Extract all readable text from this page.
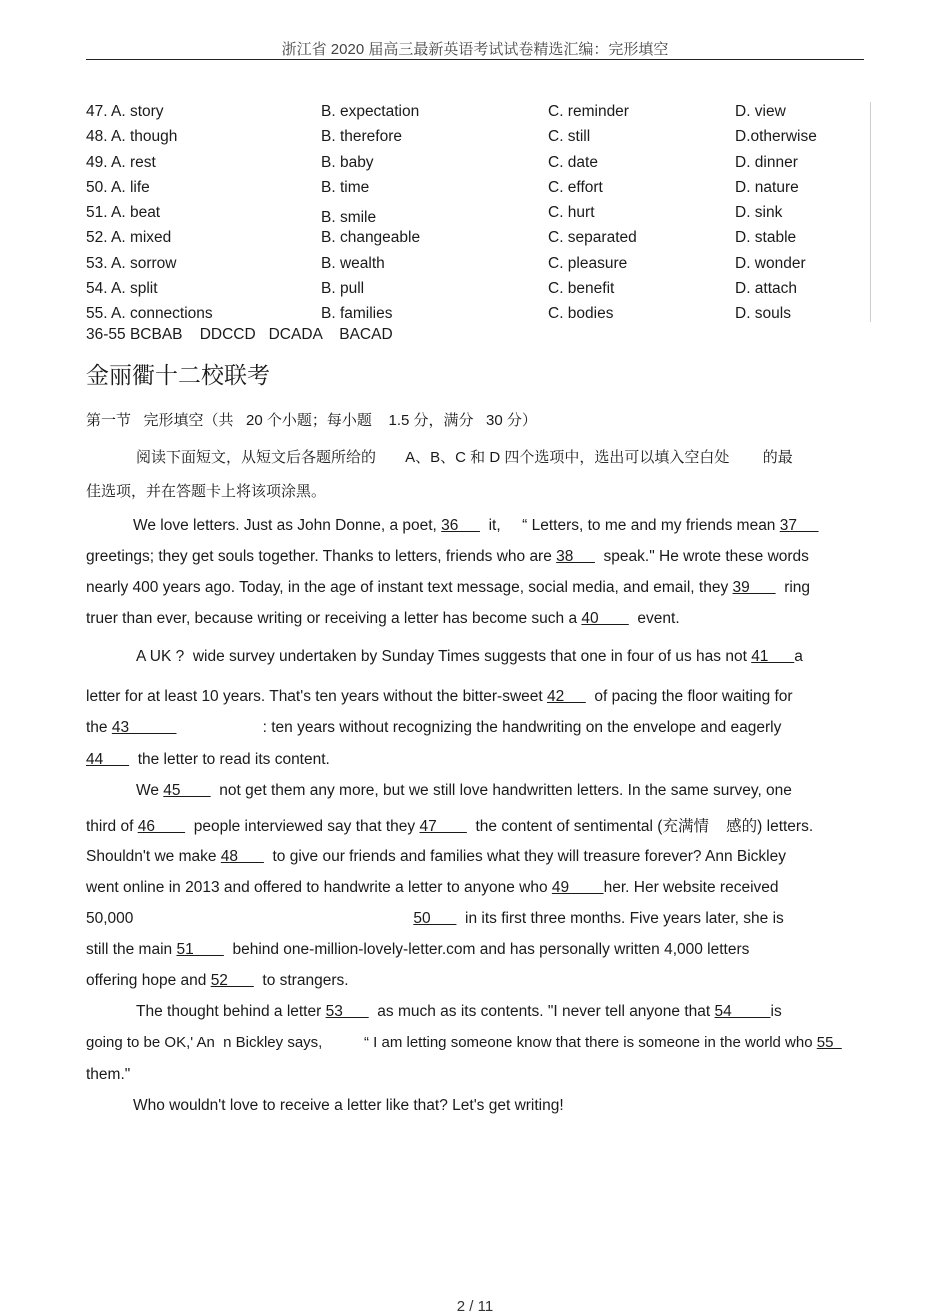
浙江省 2020 届高三最新英语考试试卷精选汇编：完形填空
47. A. story	B. expectation	C. reminder	D. view
48. A. though	B. therefore	C. still	D.otherwise
49. A. rest	B. baby	C. date	D. dinner
50. A. life	B. time	C. effort	D. nature
51. A. beat	B. smile	C. hurt	D. sink
52. A. mixed	B. changeable	C. separated	D. stable
53. A. sorrow	B. wealth	C. pleasure	D. wonder
54. A. split	B. pull	C. benefit	D. attach
55. A. connections	B. families	C. bodies	D. souls
36-55 BCBAB    DDCCD   DCADA    BACAD
金丽衢十二校联考
第一节   完形填空（共   20 个小题；每小题    1.5 分，满分   30 分）
阅读下面短文，从短文后各题所给的       A、B、C 和 D 四个选项中，选出可以填入空白处        的最
佳选项，并在答题卡上将该项涂黑。
We love letters. Just as John Donne, a poet, 36       it,     “ Letters, to me and my friends mean 37
greetings; they get souls together. Thanks to letters, friends who are 38       speak." He wrote these words
nearly 400 years ago. Today, in the age of instant text message, social media, and email, they 39        ring
truer than ever, because writing or receiving a letter has become such a 40         event.
A UK ?  wide survey undertaken by Sunday Times suggests that one in four of us has not 41      a
letter for at least 10 years. That's ten years without the bitter-sweet 42       of pacing the floor waiting for
the 43                               : ten years without recognizing the handwriting on the envelope and eagerly
44        the letter to read its content.
We 45         not get them any more, but we still love handwritten letters. In the same survey, one
third of 46         people interviewed say that they 47         the content of sentimental (充满情    感的) letters.
Shouldn't we make 48        to give our friends and families what they will treasure forever? Ann Bickley
went online in 2013 and offered to handwrite a letter to anyone who 49        her. Her website received
50,000                                                                 50        in its first three months. Five years later, she is
still the main 51         behind one-million-lovely-letter.com and has personally written 4,000 letters
offering hope and 52        to strangers.
The thought behind a letter 53        as much as its contents. "I never tell anyone that 54         is
going to be OK,' An  n Bickley says,          “ I am letting someone know that there is someone in the world who 55
them."
Who wouldn't love to receive a letter like that? Let's get writing!
2 / 11
